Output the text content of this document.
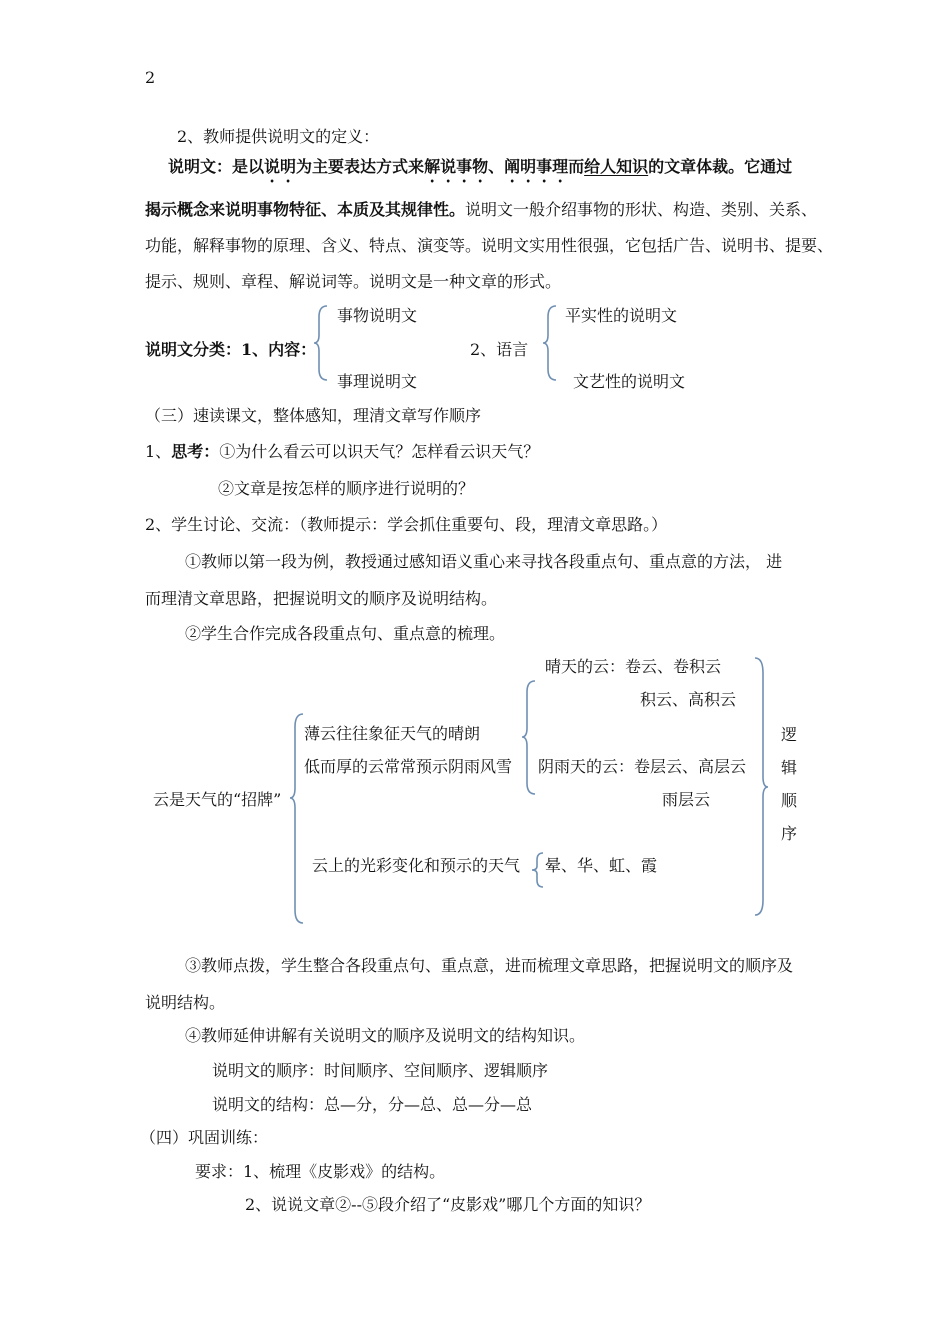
2
2、教师提供说明文的定义：
说明文：是以说明为主要表达方式来解说事物、阐明事理而给人知识的文章体裁。它通过
揭示概念来说明事物特征、本质及其规律性。说明文一般介绍事物的形状、构造、类别、关系、
功能，解释事物的原理、含义、特点、演变等。说明文实用性很强，它包括广告、说明书、提要、
提示、规则、章程、解说词等。说明文是一种文章的形式。
事物说明文
说明文分类：1、内容：
事理说明文
2、语言
平实性的说明文
文艺性的说明文
（三）速读课文，整体感知，理清文章写作顺序
1、思考：①为什么看云可以识天气？怎样看云识天气？
②文章是按怎样的顺序进行说明的？
2、学生讨论、交流：（教师提示：学会抓住重要句、段，理清文章思路。）
①教师以第一段为例，教授通过感知语义重心来寻找各段重点句、重点意的方法， 进
而理清文章思路，把握说明文的顺序及说明结构。
②学生合作完成各段重点句、重点意的梳理。
晴天的云：卷云、卷积云
积云、高积云
薄云往往象征天气的晴朗
低而厚的云常常预示阴雨风雪 阴雨天的云：卷层云、高层云
雨层云
云是天气的“招牌”
云上的光彩变化和预示的天气 晕、华、虹、霞
逻
辑
顺
序
③教师点拨，学生整合各段重点句、重点意，进而梳理文章思路，把握说明文的顺序及
说明结构。
④教师延伸讲解有关说明文的顺序及说明文的结构知识。
说明文的顺序：时间顺序、空间顺序、逻辑顺序
说明文的结构：总—分，分—总、总—分—总
（四）巩固训练：
要求：1、梳理《皮影戏》的结构。
2、说说文章②--⑤段介绍了“皮影戏”哪几个方面的知识？
